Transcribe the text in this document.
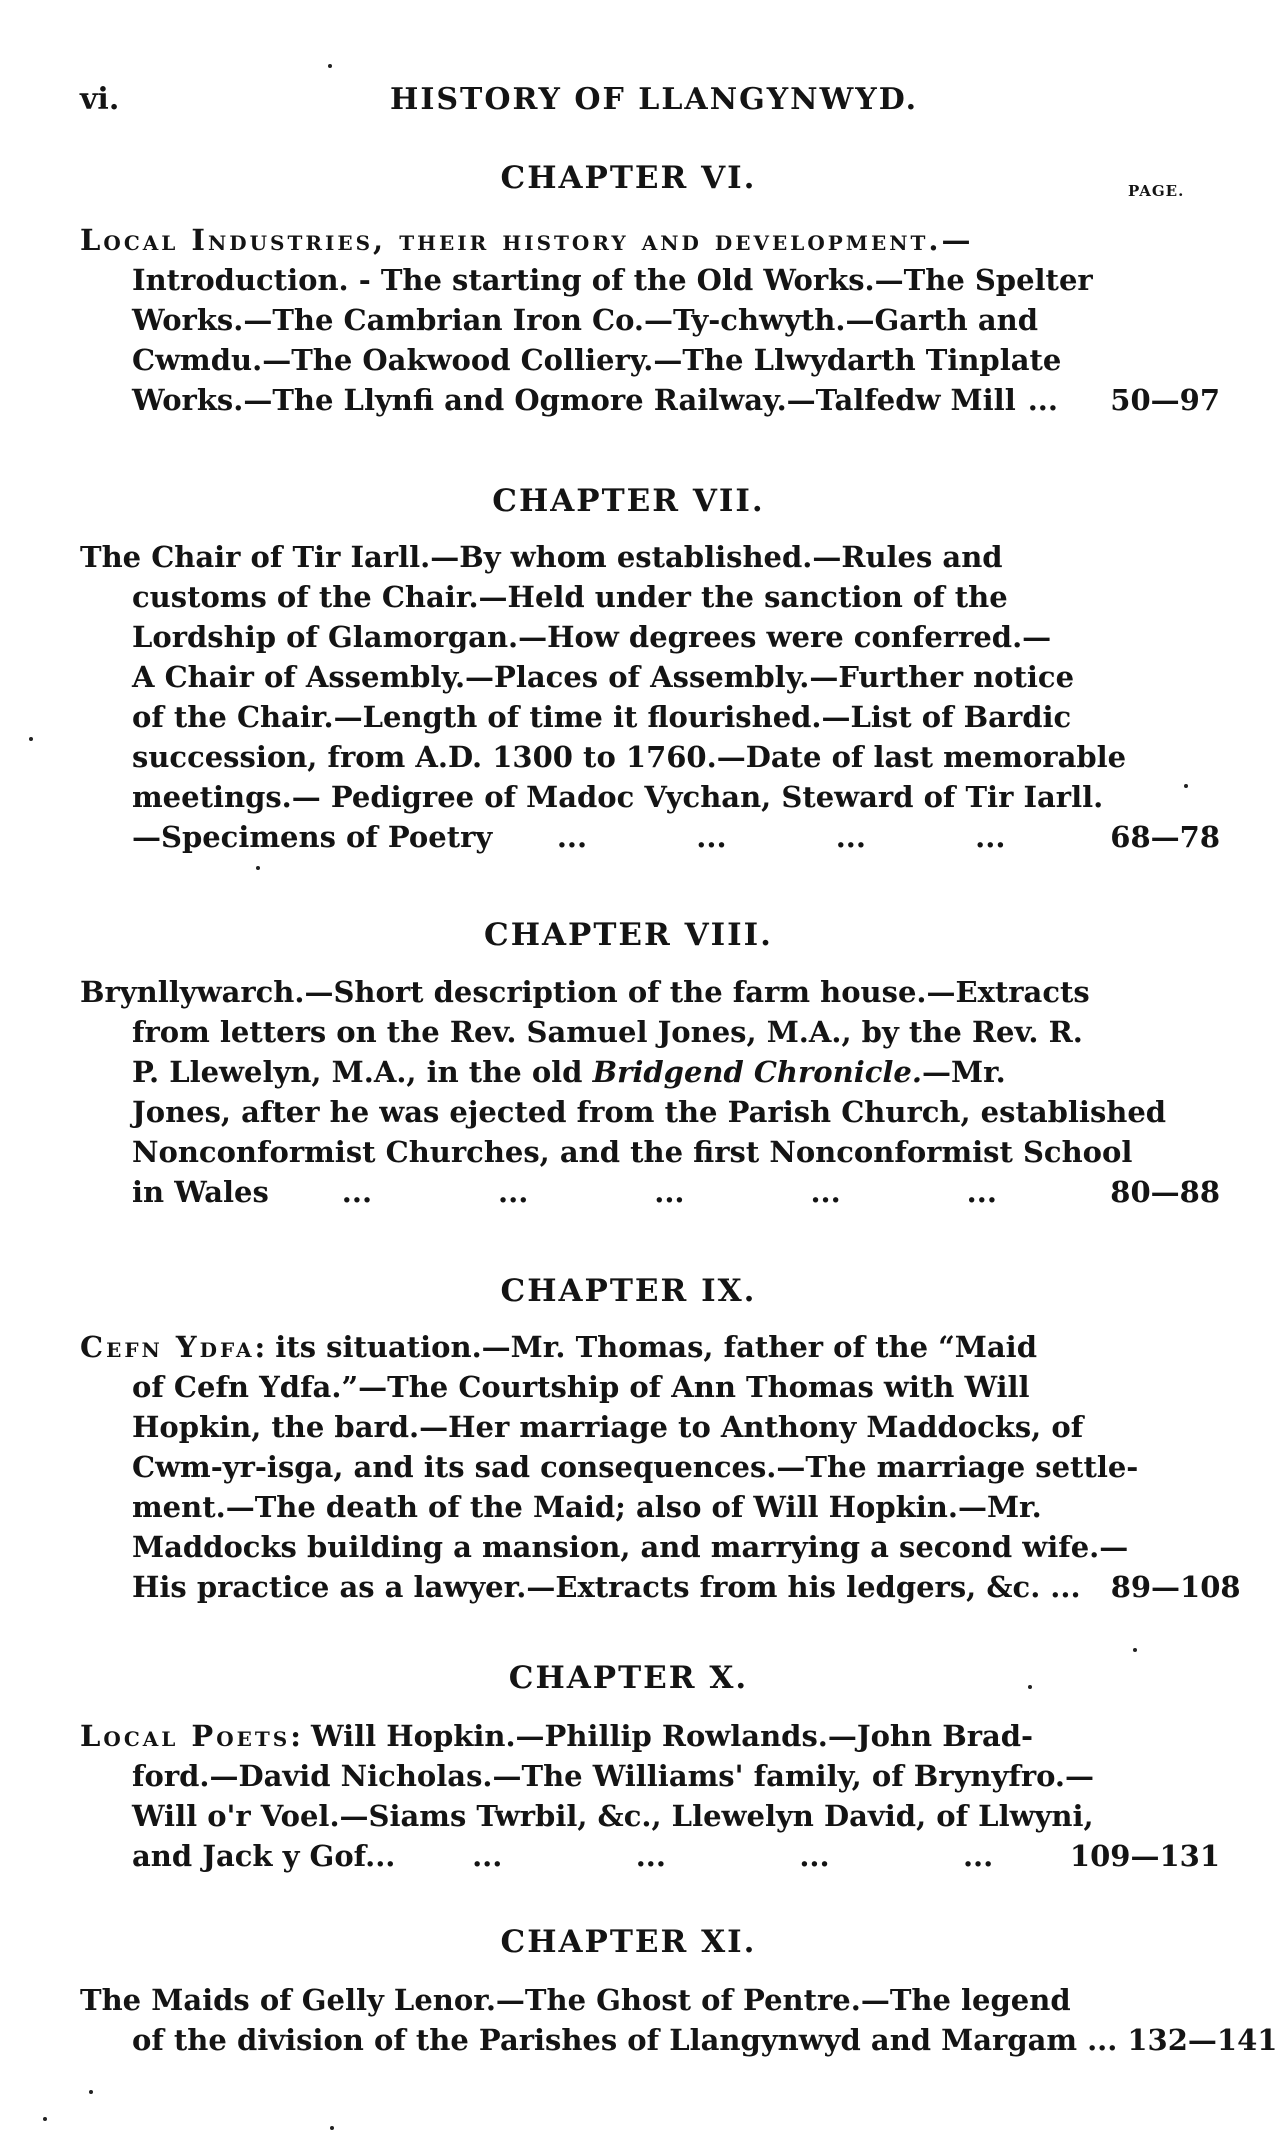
vi.	HISTORY OF LLANGYNWYD.
PAGE.
CHAPTER VI.
Local Industries, their history and development.—
Introduction. - The starting of the Old Works.—The Spelter
Works.—The Cambrian Iron Co.—Ty-chwyth.—Garth and
Cwmdu.—The Oakwood Colliery.—The Llwydarth Tinplate
Works.—The Llynfi and Ogmore Railway.—Talfedw Mill ...	50—97
CHAPTER VII.
The Chair of Tir Iarll.—By whom established.—Rules and
customs of the Chair.—Held under the sanction of the
Lordship of Glamorgan.—How degrees were conferred.—
A Chair of Assembly.—Places of Assembly.—Further notice
of the Chair.—Length of time it flourished.—List of Bardic
succession, from A.D. 1300 to 1760.—Date of last memorable
meetings.— Pedigree of Madoc Vychan, Steward of Tir Iarll.
—Specimens of Poetry ...	...	...	...	68—78
CHAPTER VIII.
Brynllywarch.—Short description of the farm house.—Extracts
from letters on the Rev. Samuel Jones, M.A., by the Rev. R.
P. Llewelyn, M.A., in the old Bridgend Chronicle.—Mr.
Jones, after he was ejected from the Parish Church, established
Nonconformist Churches, and the first Nonconformist School
in Wales	...	...	...	...	...	80—88
CHAPTER IX.
Cefn Ydfa: its situation.—Mr. Thomas, father of the “Maid
of Cefn Ydfa.”—The Courtship of Ann Thomas with Will
Hopkin, the bard.—Her marriage to Anthony Maddocks, of
Cwm-yr-isga, and its sad consequences.—The marriage settle-
ment.—The death of the Maid; also of Will Hopkin.—Mr.
Maddocks building a mansion, and marrying a second wife.—
His practice as a lawyer.—Extracts from his ledgers, &c. ...	89—108
CHAPTER X.
Local Poets: Will Hopkin.—Phillip Rowlands.—John Brad-
ford.—David Nicholas.—The Williams' family, of Brynyfro.—
Will o'r Voel.—Siams Twrbil, &c., Llewelyn David, of Llwyni,
and Jack y Gof...	...	...	...	...	109—131
CHAPTER XI.
The Maids of Gelly Lenor.—The Ghost of Pentre.—The legend
of the division of the Parishes of Llangynwyd and Margam ... 132—141
